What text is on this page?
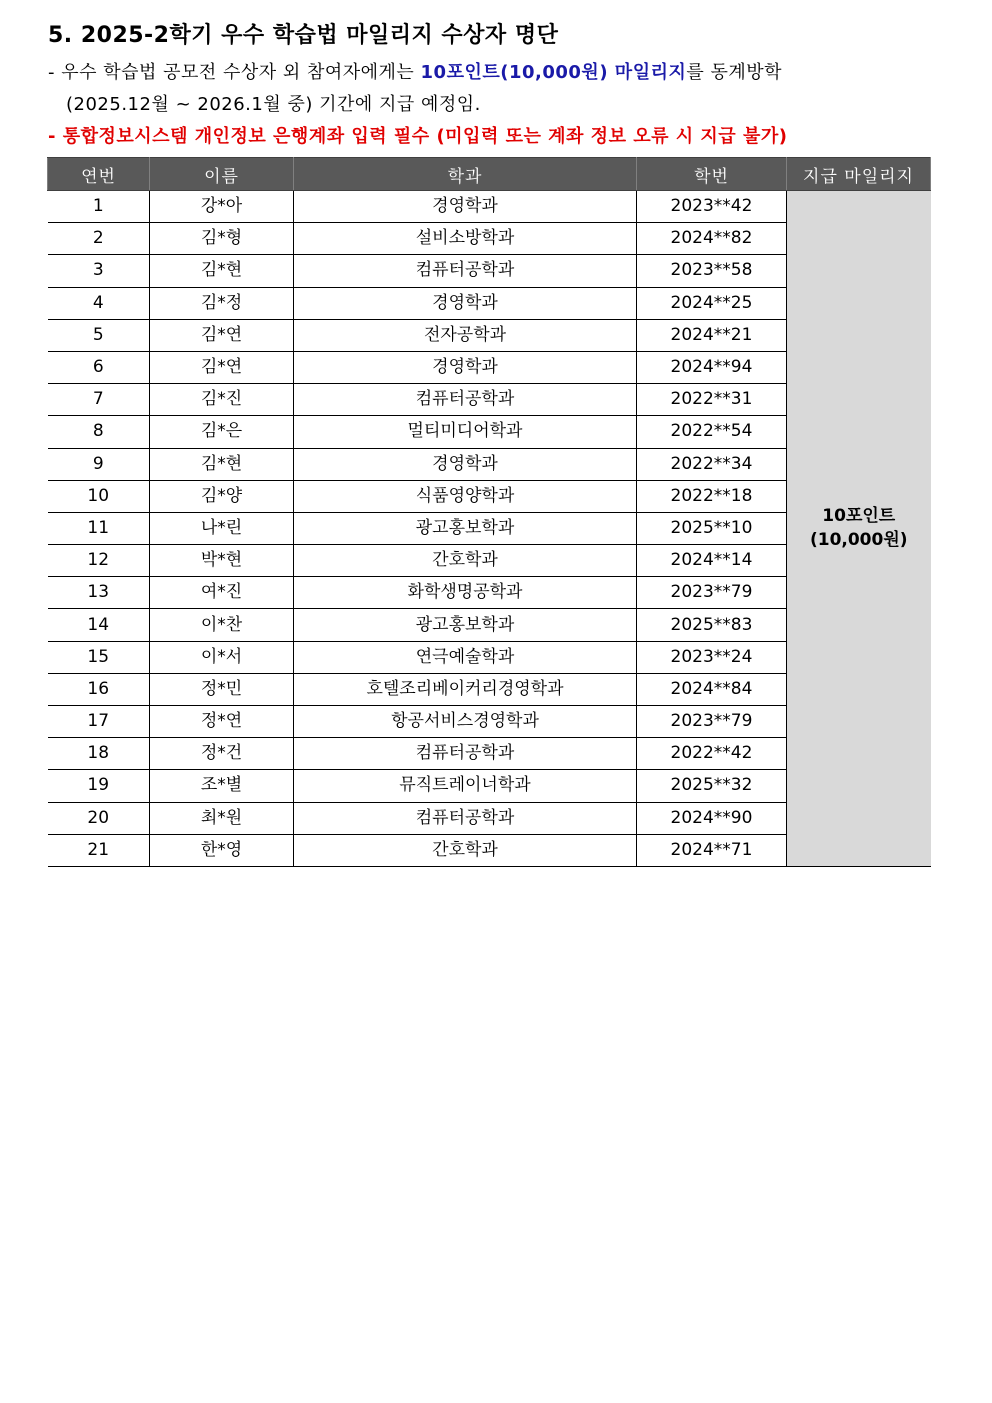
5. 2025-2학기 우수 학습법 마일리지 수상자 명단
- 우수 학습법 공모전 수상자 외 참여자에게는 10포인트(10,000원) 마일리지를 동계방학
(2025.12월 ~ 2026.1월 중) 기간에 지급 예정임.
- 통합정보시스템 개인정보 은행계좌 입력 필수 (미입력 또는 계좌 정보 오류 시 지급 불가)
연번	이름	학과	학번	지급 마일리지
1	강*아	경영학과	2023**42	10포인트
(10,000원)

2	김*형	설비소방학과	2024**82	
3	김*현	컴퓨터공학과	2023**58	
4	김*정	경영학과	2024**25	
5	김*연	전자공학과	2024**21	
6	김*연	경영학과	2024**94	
7	김*진	컴퓨터공학과	2022**31	
8	김*은	멀티미디어학과	2022**54	
9	김*현	경영학과	2022**34	
10	김*양	식품영양학과	2022**18	
11	나*린	광고홍보학과	2025**10	
12	박*현	간호학과	2024**14	
13	여*진	화학생명공학과	2023**79	
14	이*찬	광고홍보학과	2025**83	
15	이*서	연극예술학과	2023**24	
16	정*민	호텔조리베이커리경영학과	2024**84	
17	정*연	항공서비스경영학과	2023**79	
18	정*건	컴퓨터공학과	2022**42	
19	조*별	뮤직트레이너학과	2025**32	
20	최*원	컴퓨터공학과	2024**90	
21	한*영	간호학과	2024**71	
